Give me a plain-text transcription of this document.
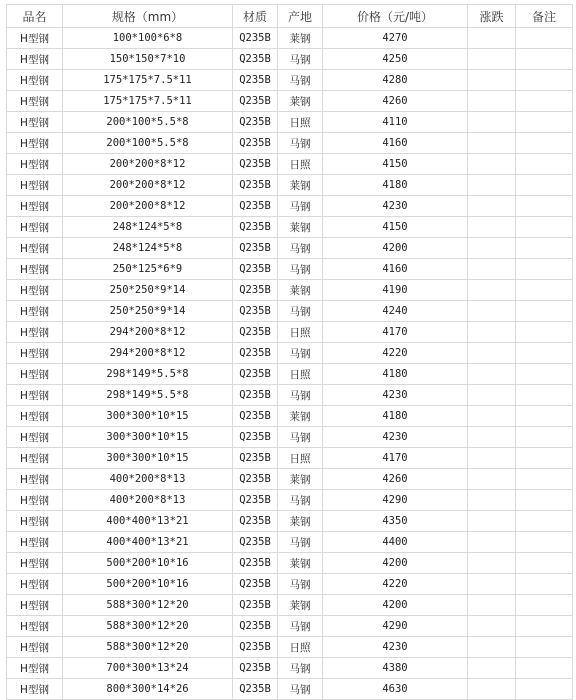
品名	规格（mm）	材质	产地	价格（元/吨）	涨跌	备注
H型钢	100*100*6*8	Q235B	莱钢	4270		
H型钢	150*150*7*10	Q235B	马钢	4250		
H型钢	175*175*7.5*11	Q235B	马钢	4280		
H型钢	175*175*7.5*11	Q235B	莱钢	4260		
H型钢	200*100*5.5*8	Q235B	日照	4110		
H型钢	200*100*5.5*8	Q235B	马钢	4160		
H型钢	200*200*8*12	Q235B	日照	4150		
H型钢	200*200*8*12	Q235B	莱钢	4180		
H型钢	200*200*8*12	Q235B	马钢	4230		
H型钢	248*124*5*8	Q235B	莱钢	4150		
H型钢	248*124*5*8	Q235B	马钢	4200		
H型钢	250*125*6*9	Q235B	马钢	4160		
H型钢	250*250*9*14	Q235B	莱钢	4190		
H型钢	250*250*9*14	Q235B	马钢	4240		
H型钢	294*200*8*12	Q235B	日照	4170		
H型钢	294*200*8*12	Q235B	马钢	4220		
H型钢	298*149*5.5*8	Q235B	日照	4180		
H型钢	298*149*5.5*8	Q235B	马钢	4230		
H型钢	300*300*10*15	Q235B	莱钢	4180		
H型钢	300*300*10*15	Q235B	马钢	4230		
H型钢	300*300*10*15	Q235B	日照	4170		
H型钢	400*200*8*13	Q235B	莱钢	4260		
H型钢	400*200*8*13	Q235B	马钢	4290		
H型钢	400*400*13*21	Q235B	莱钢	4350		
H型钢	400*400*13*21	Q235B	马钢	4400		
H型钢	500*200*10*16	Q235B	莱钢	4200		
H型钢	500*200*10*16	Q235B	马钢	4220		
H型钢	588*300*12*20	Q235B	莱钢	4200		
H型钢	588*300*12*20	Q235B	马钢	4290		
H型钢	588*300*12*20	Q235B	日照	4230		
H型钢	700*300*13*24	Q235B	马钢	4380		
H型钢	800*300*14*26	Q235B	马钢	4630		
